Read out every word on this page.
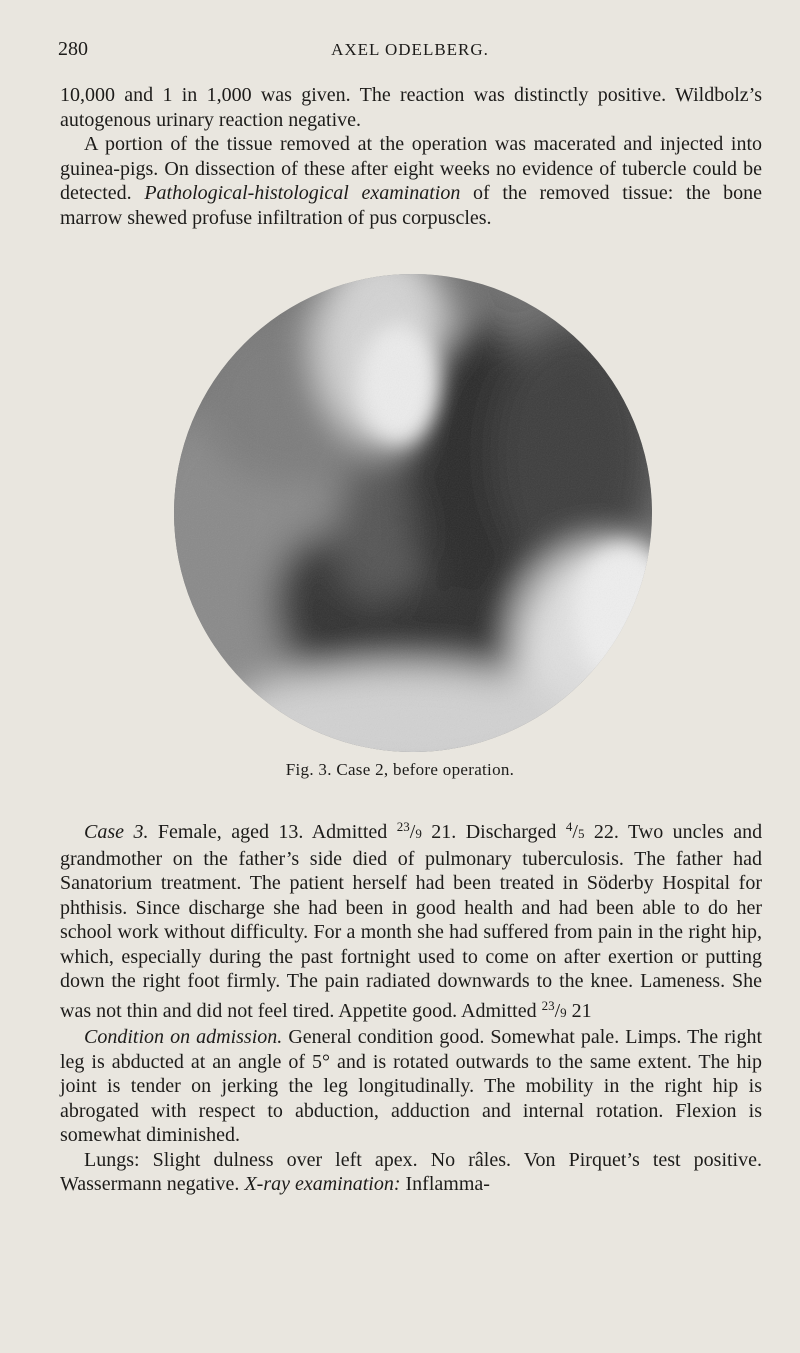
280	AXEL ODELBERG.

10,000 and 1 in 1,000 was given. The reaction was distinctly positive. Wildbolz’s autogenous urinary reaction negative.

A portion of the tissue removed at the operation was macerated and injected into guinea-pigs. On dissection of these after eight weeks no evidence of tubercle could be detected. Pathological-histological examination of the removed tissue: the bone marrow shewed profuse infiltration of pus corpuscles.

Fig. 3. Case 2, before operation.

Case 3. Female, aged 13. Admitted $^{23}$/9 21. Discharged $^4$/5 22. Two uncles and grandmother on the father’s side died of pulmonary tuberculosis. The father had Sanatorium treatment. The patient herself had been treated in Söderby Hospital for phthisis. Since discharge she had been in good health and had been able to do her school work without difficulty. For a month she had suffered from pain in the right hip, which, especially during the past fortnight used to come on after exertion or putting down the right foot firmly. The pain radiated downwards to the knee. Lameness. She was not thin and did not feel tired. Appetite good. Admitted $^{23}$/9 21

Condition on admission. General condition good. Somewhat pale. Limps. The right leg is abducted at an angle of 5° and is rotated outwards to the same extent. The hip joint is tender on jerking the leg longitudinally. The mobility in the right hip is abrogated with respect to abduction, adduction and internal rotation. Flexion is somewhat diminished.

Lungs: Slight dulness over left apex. No râles. Von Pirquet’s test positive. Wassermann negative. X-ray examination: Inflamma-
